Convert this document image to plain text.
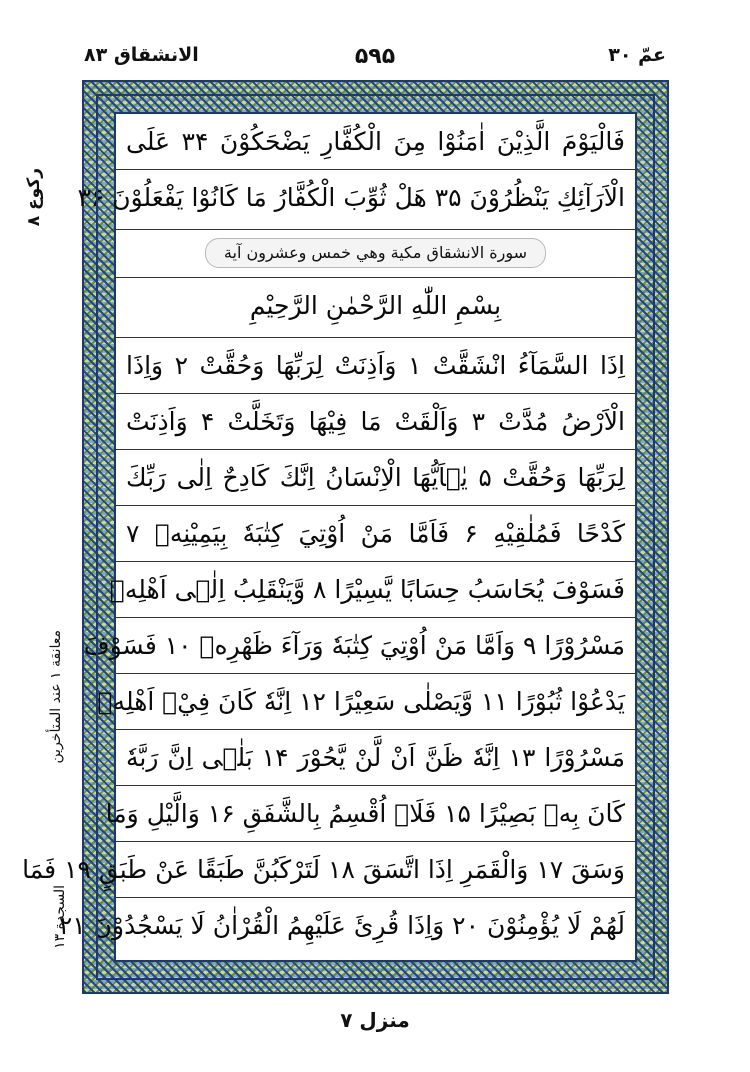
الانشقاق ٨٣	۵۹۵	عمّ ٣٠
ركوع ٨
معانقة ۱ عند المتأخرين
السجدة ۱۳
فَالْيَوْمَ الَّذِيْنَ اٰمَنُوْا مِنَ الْكُفَّارِ يَضْحَكُوْنَ ۳۴ عَلَى
الْاَرَآئِكِ يَنْظُرُوْنَ ۳۵ هَلْ ثُوِّبَ الْكُفَّارُ مَا كَانُوْا يَفْعَلُوْنَ ۳۶
سورة الانشقاق مكية وهي خمس وعشرون آية
بِسْمِ اللّٰهِ الرَّحْمٰنِ الرَّحِيْمِ
اِذَا السَّمَآءُ انْشَقَّتْ ۱ وَاَذِنَتْ لِرَبِّهَا وَحُقَّتْ ۲ وَاِذَا
الْاَرْضُ مُدَّتْ ۳ وَاَلْقَتْ مَا فِيْهَا وَتَخَلَّتْ ۴ وَاَذِنَتْ
لِرَبِّهَا وَحُقَّتْ ۵ يٰۤاَيُّهَا الْاِنْسَانُ اِنَّكَ كَادِحٌ اِلٰى رَبِّكَ
كَدْحًا فَمُلٰقِيْهِ ۶ فَاَمَّا مَنْ اُوْتِيَ كِتٰبَهٗ بِيَمِيْنِهٖ ۷
فَسَوْفَ يُحَاسَبُ حِسَابًا يَّسِيْرًا ۸ وَّيَنْقَلِبُ اِلٰۤى اَهْلِهٖ
مَسْرُوْرًا ۹ وَاَمَّا مَنْ اُوْتِيَ كِتٰبَهٗ وَرَآءَ ظَهْرِهٖ ۱۰ فَسَوْفَ
يَدْعُوْا ثُبُوْرًا ۱۱ وَّيَصْلٰى سَعِيْرًا ۱۲ اِنَّهٗ كَانَ فِيْۤ اَهْلِهٖ
مَسْرُوْرًا ۱۳ اِنَّهٗ ظَنَّ اَنْ لَّنْ يَّحُوْرَ ۱۴ بَلٰۤى اِنَّ رَبَّهٗ
كَانَ بِهٖ بَصِيْرًا ۱۵ فَلَاۤ اُقْسِمُ بِالشَّفَقِ ۱۶ وَالَّيْلِ وَمَا
وَسَقَ ۱۷ وَالْقَمَرِ اِذَا اتَّسَقَ ۱۸ لَتَرْكَبُنَّ طَبَقًا عَنْ طَبَقٍ ۱۹ فَمَا
لَهُمْ لَا يُؤْمِنُوْنَ ۲۰ وَاِذَا قُرِئَ عَلَيْهِمُ الْقُرْاٰنُ لَا يَسْجُدُوْنَ ۲۱
منزل ٧
